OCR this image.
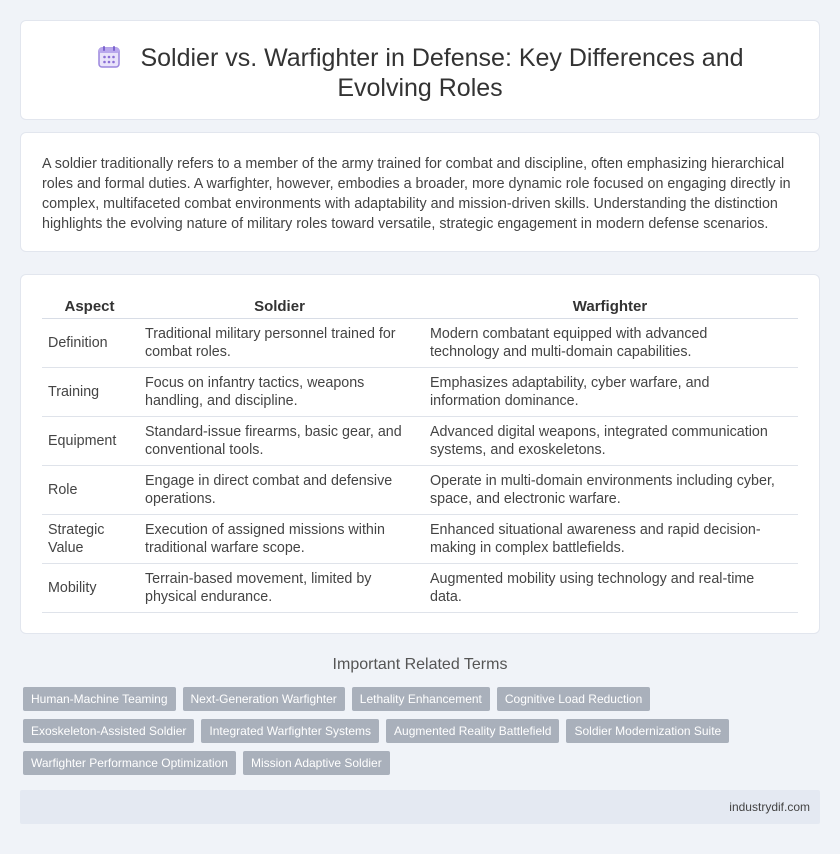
Soldier vs. Warfighter in Defense: Key Differences and Evolving Roles

A soldier traditionally refers to a member of the army trained for combat and discipline, often emphasizing hierarchical roles and formal duties. A warfighter, however, embodies a broader, more dynamic role focused on engaging directly in complex, multifaceted combat environments with adaptability and mission-driven skills. Understanding the distinction highlights the evolving nature of military roles toward versatile, strategic engagement in modern defense scenarios.

Aspect	Soldier	Warfighter
Definition	Traditional military personnel trained for combat roles.	Modern combatant equipped with advanced technology and multi-domain capabilities.
Training	Focus on infantry tactics, weapons handling, and discipline.	Emphasizes adaptability, cyber warfare, and information dominance.
Equipment	Standard-issue firearms, basic gear, and conventional tools.	Advanced digital weapons, integrated communication systems, and exoskeletons.
Role	Engage in direct combat and defensive operations.	Operate in multi-domain environments including cyber, space, and electronic warfare.
Strategic Value	Execution of assigned missions within traditional warfare scope.	Enhanced situational awareness and rapid decision-making in complex battlefields.
Mobility	Terrain-based movement, limited by physical endurance.	Augmented mobility using technology and real-time data.
Important Related Terms
Human-Machine Teaming	Next-Generation Warfighter	Lethality Enhancement	Cognitive Load Reduction
Exoskeleton-Assisted Soldier	Integrated Warfighter Systems	Augmented Reality Battlefield	Soldier Modernization Suite
Warfighter Performance Optimization	Mission Adaptive Soldier
industrydif.com
